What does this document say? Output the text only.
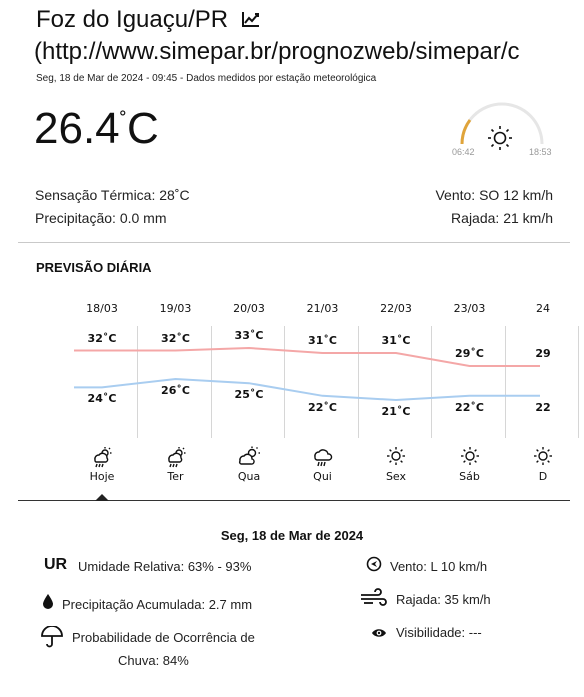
Foz do Iguaçu/PR
(http://www.simepar.br/prognozweb/simepar/c
Seg, 18 de Mar de 2024 - 09:45 - Dados medidos por estação meteorológica
26.4˚C	06:42	18:53
Sensação Térmica: 28˚C
Precipitação: 0.0 mm
Vento: SO 12 km/h
Rajada: 21 km/h
PREVISÃO DIÁRIA
18/03
32˚C
24˚C
Hoje
19/03
32˚C
26˚C
Ter
20/03
33˚C
25˚C
Qua
21/03
31˚C
22˚C
Qui
22/03
31˚C
21˚C
Sex
23/03
29˚C
22˚C
Sáb
24
29
22
D
Seg, 18 de Mar de 2024
UR Umidade Relativa: 63% - 93%
Precipitação Acumulada: 2.7 mm
Probabilidade de Ocorrência de
Chuva: 84%
Vento: L 10 km/h
Rajada: 35 km/h
Visibilidade: ---
